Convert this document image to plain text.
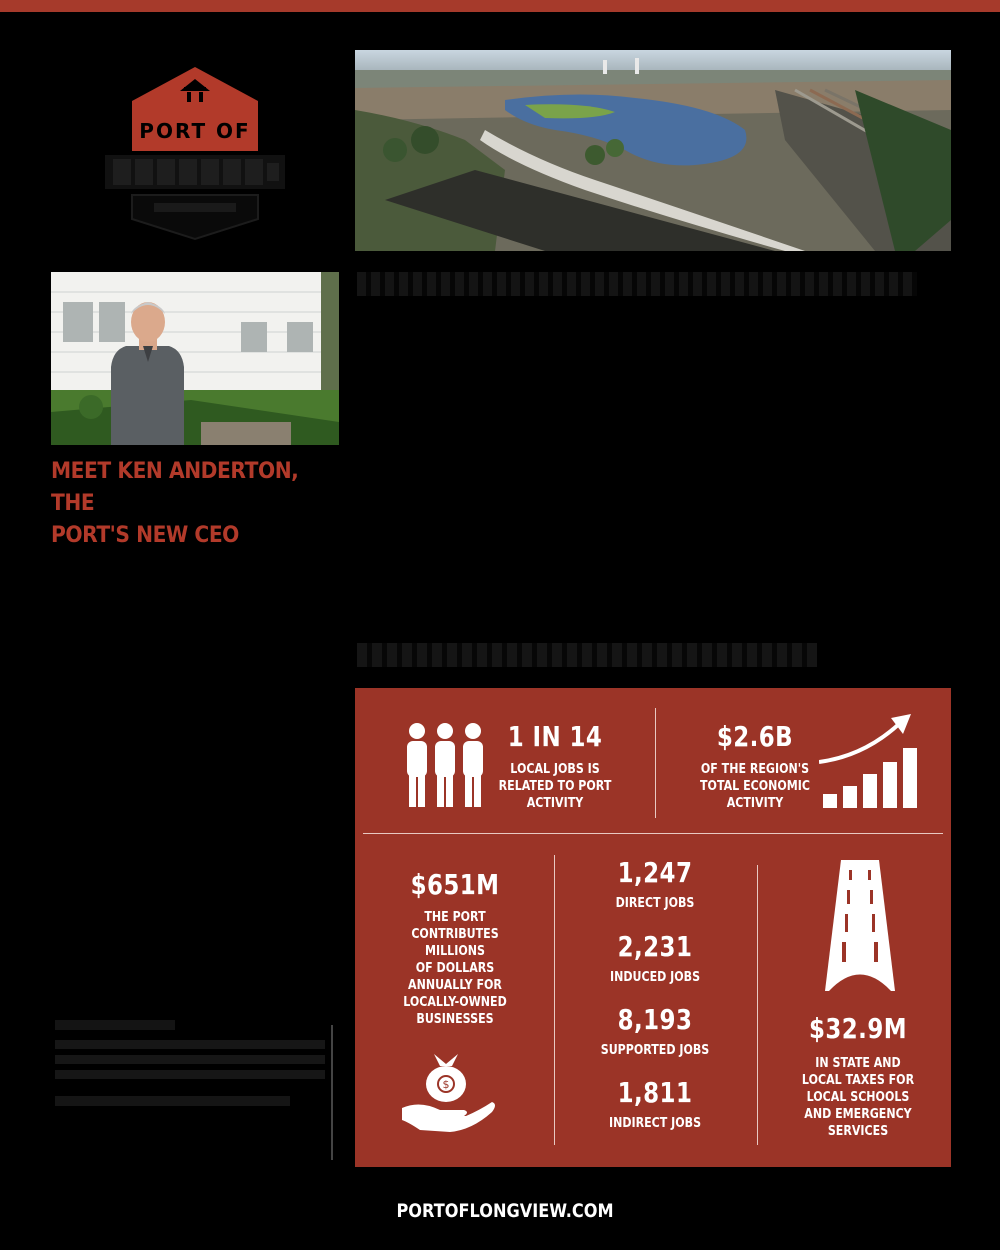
PORT OF
MEET KEN ANDERTON, THE
PORT'S NEW CEO
1 IN 14
LOCAL JOBS IS
RELATED TO PORT
ACTIVITY
$2.6B
OF THE REGION'S
TOTAL ECONOMIC
ACTIVITY
$651M
THE PORT
CONTRIBUTES
MILLIONS
OF DOLLARS
ANNUALLY FOR
LOCALLY-OWNED
BUSINESSES
$
1,247
DIRECT JOBS
2,231
INDUCED JOBS
8,193
SUPPORTED JOBS
1,811
INDIRECT JOBS
$32.9M
IN STATE AND
LOCAL TAXES FOR
LOCAL SCHOOLS
AND EMERGENCY
SERVICES
PORTOFLONGVIEW.COM
